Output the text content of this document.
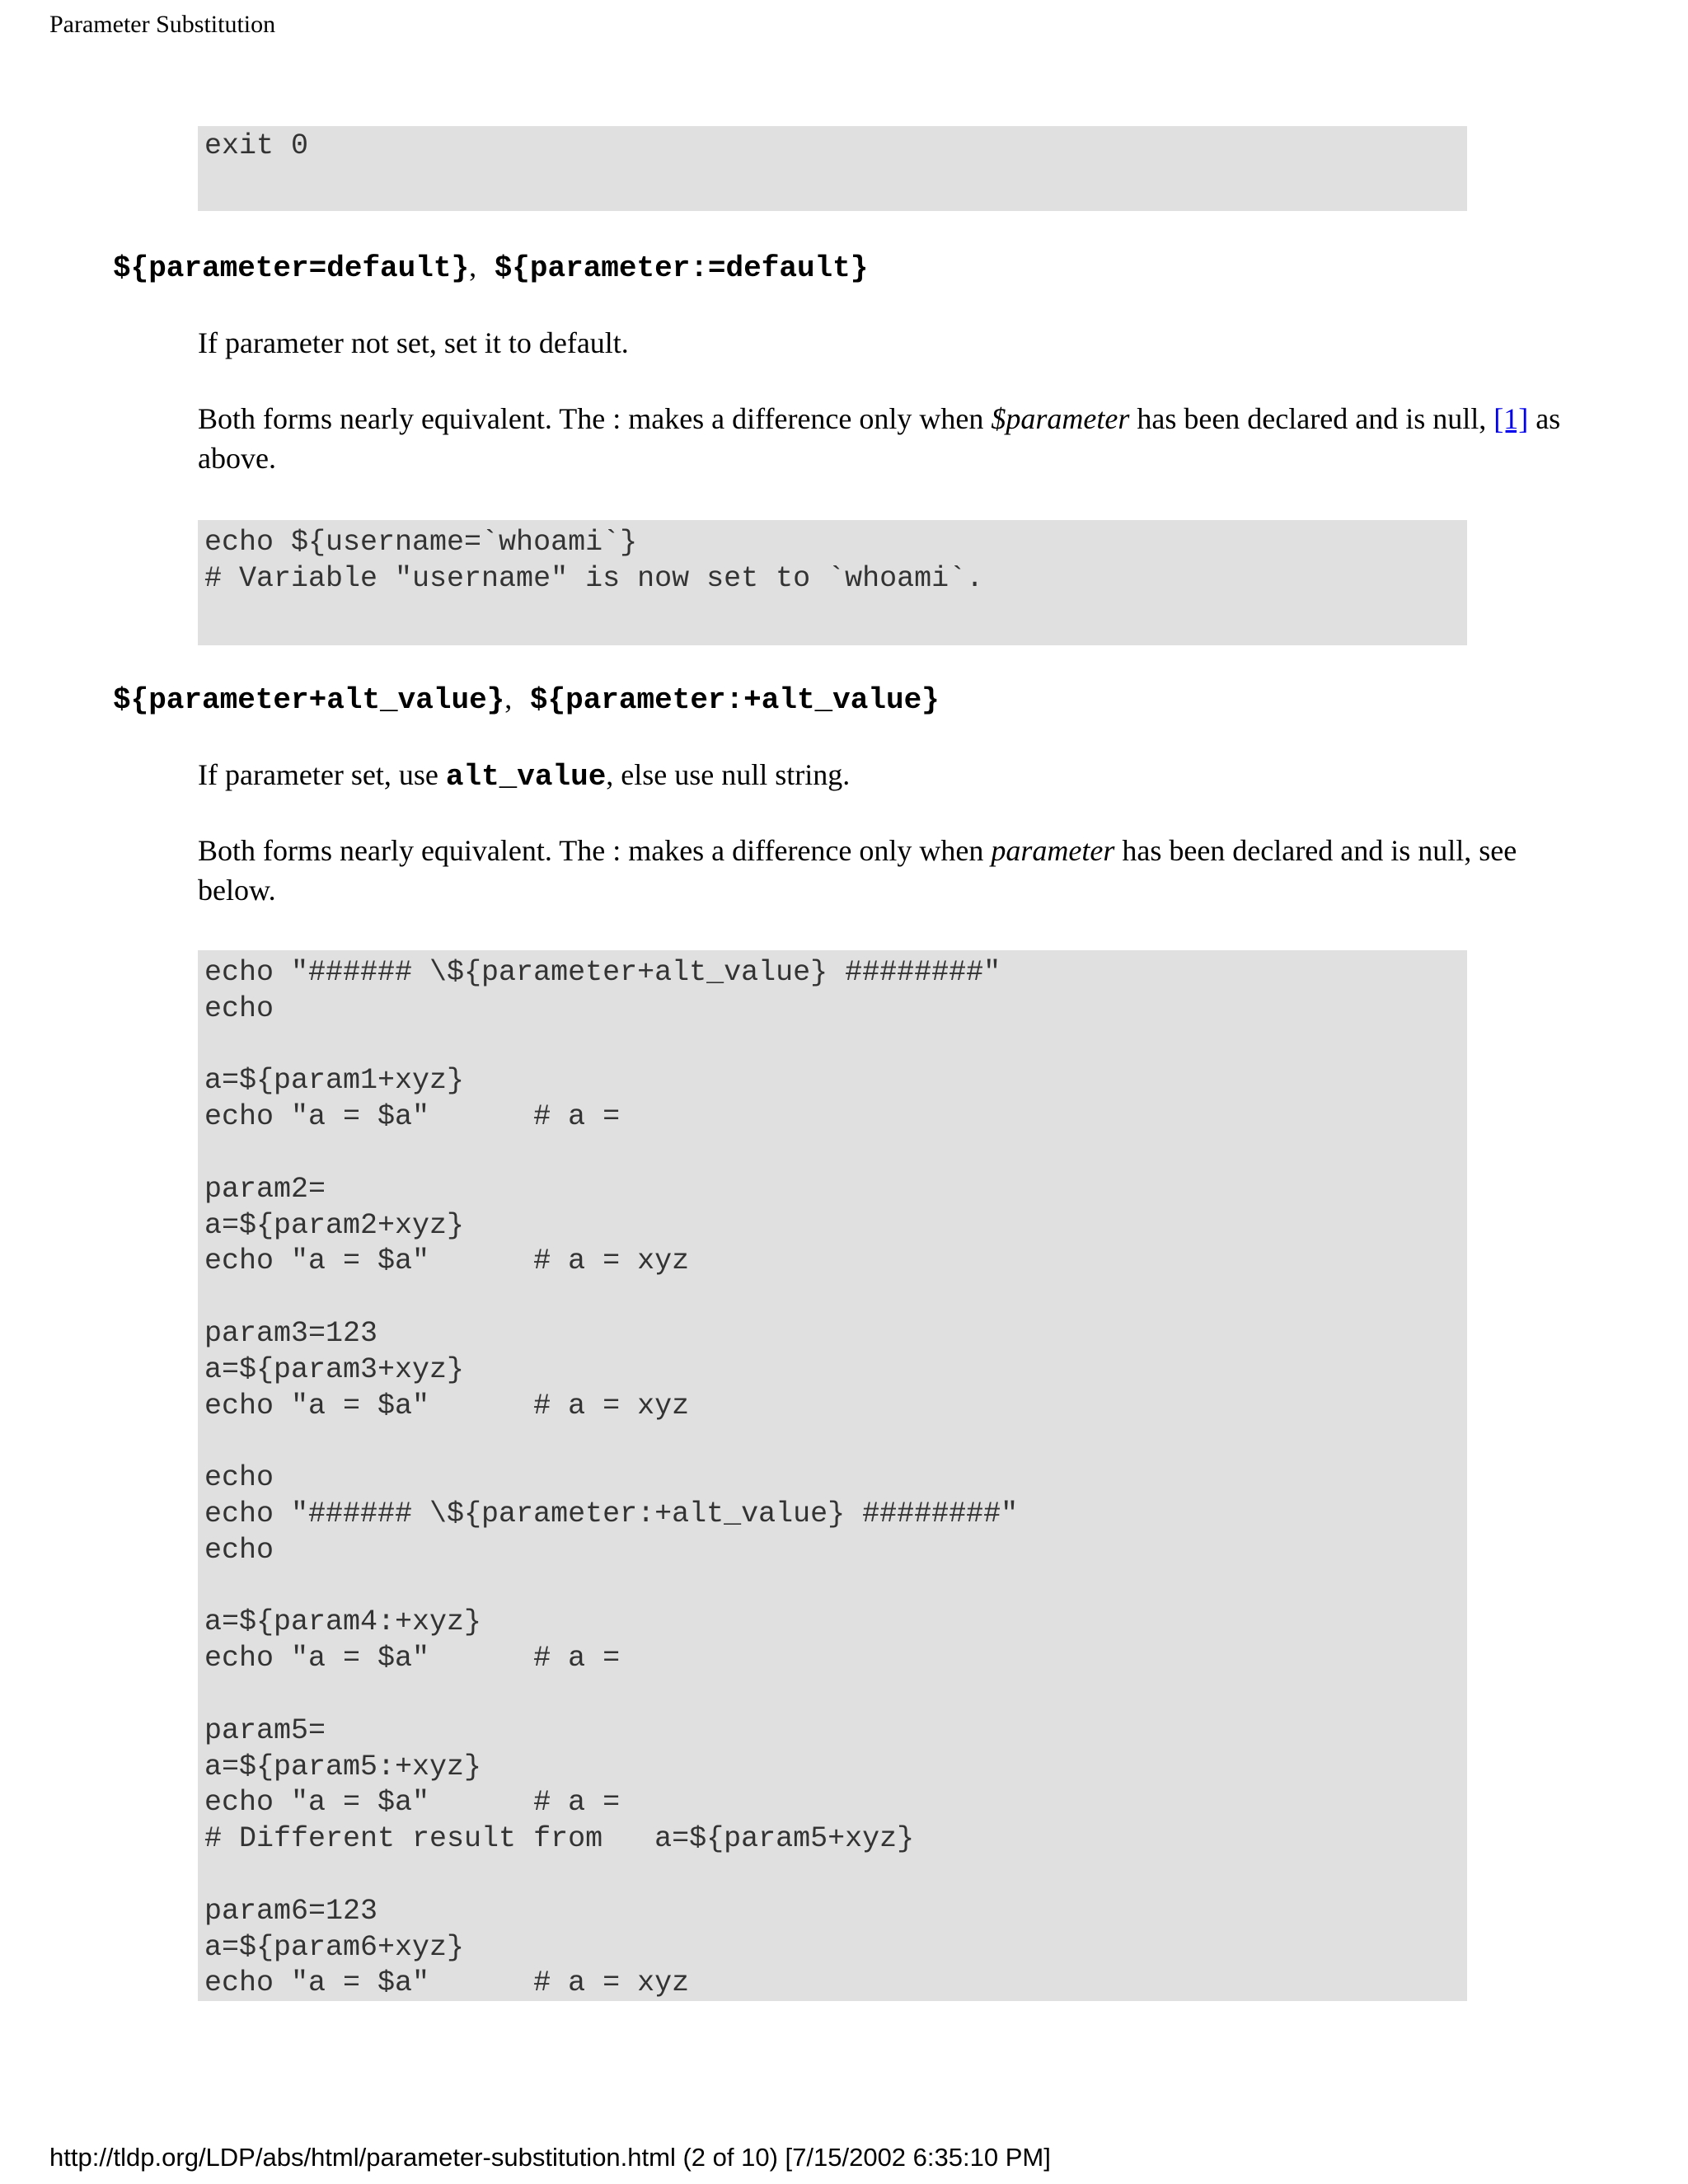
Parameter Substitution
exit 0
${parameter=default}, ${parameter:=default}
If parameter not set, set it to default.
Both forms nearly equivalent. The : makes a difference only when $parameter has been declared and is null, [1] as above.
echo ${username=`whoami`}
# Variable "username" is now set to `whoami`.
${parameter+alt_value}, ${parameter:+alt_value}
If parameter set, use alt_value, else use null string.
Both forms nearly equivalent. The : makes a difference only when parameter has been declared and is null, see below.
echo "###### \${parameter+alt_value} ########"
echo

a=${param1+xyz}
echo "a = $a"      # a =

param2=
a=${param2+xyz}
echo "a = $a"      # a = xyz

param3=123
a=${param3+xyz}
echo "a = $a"      # a = xyz

echo
echo "###### \${parameter:+alt_value} ########"
echo

a=${param4:+xyz}
echo "a = $a"      # a =

param5=
a=${param5:+xyz}
echo "a = $a"      # a =
# Different result from   a=${param5+xyz}

param6=123
a=${param6+xyz}
echo "a = $a"      # a = xyz
http://tldp.org/LDP/abs/html/parameter-substitution.html (2 of 10) [7/15/2002 6:35:10 PM]
